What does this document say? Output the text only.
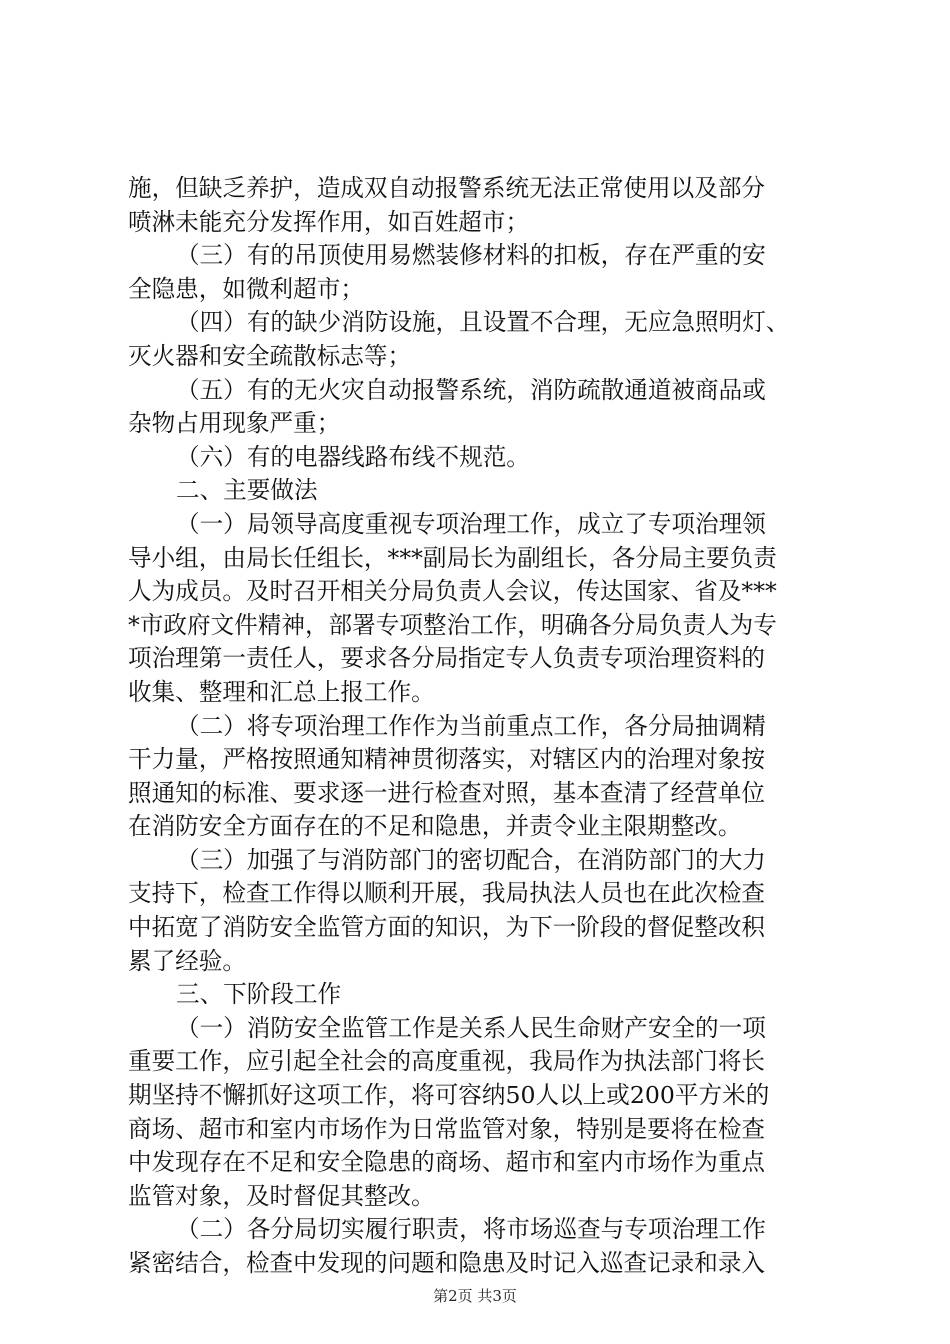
施，但缺乏养护，造成双自动报警系统无法正常使用以及部分
喷淋未能充分发挥作用，如百姓超市；
（三）有的吊顶使用易燃装修材料的扣板，存在严重的安
全隐患，如微利超市；
（四）有的缺少消防设施，且设置不合理，无应急照明灯、
灭火器和安全疏散标志等；
（五）有的无火灾自动报警系统，消防疏散通道被商品或
杂物占用现象严重；
（六）有的电器线路布线不规范。
二、主要做法
（一）局领导高度重视专项治理工作，成立了专项治理领
导小组，由局长任组长，***副局长为副组长，各分局主要负责
人为成员。及时召开相关分局负责人会议，传达国家、省及***
*市政府文件精神，部署专项整治工作，明确各分局负责人为专
项治理第一责任人，要求各分局指定专人负责专项治理资料的
收集、整理和汇总上报工作。
（二）将专项治理工作作为当前重点工作，各分局抽调精
干力量，严格按照通知精神贯彻落实，对辖区内的治理对象按
照通知的标准、要求逐一进行检查对照，基本查清了经营单位
在消防安全方面存在的不足和隐患，并责令业主限期整改。
（三）加强了与消防部门的密切配合，在消防部门的大力
支持下，检查工作得以顺利开展，我局执法人员也在此次检查
中拓宽了消防安全监管方面的知识，为下一阶段的督促整改积
累了经验。
三、下阶段工作
（一）消防安全监管工作是关系人民生命财产安全的一项
重要工作，应引起全社会的高度重视，我局作为执法部门将长
期坚持不懈抓好这项工作，将可容纳50人以上或200平方米的
商场、超市和室内市场作为日常监管对象，特别是要将在检查
中发现存在不足和安全隐患的商场、超市和室内市场作为重点
监管对象，及时督促其整改。
（二）各分局切实履行职责，将市场巡查与专项治理工作
紧密结合，检查中发现的问题和隐患及时记入巡查记录和录入
第2页 共3页
